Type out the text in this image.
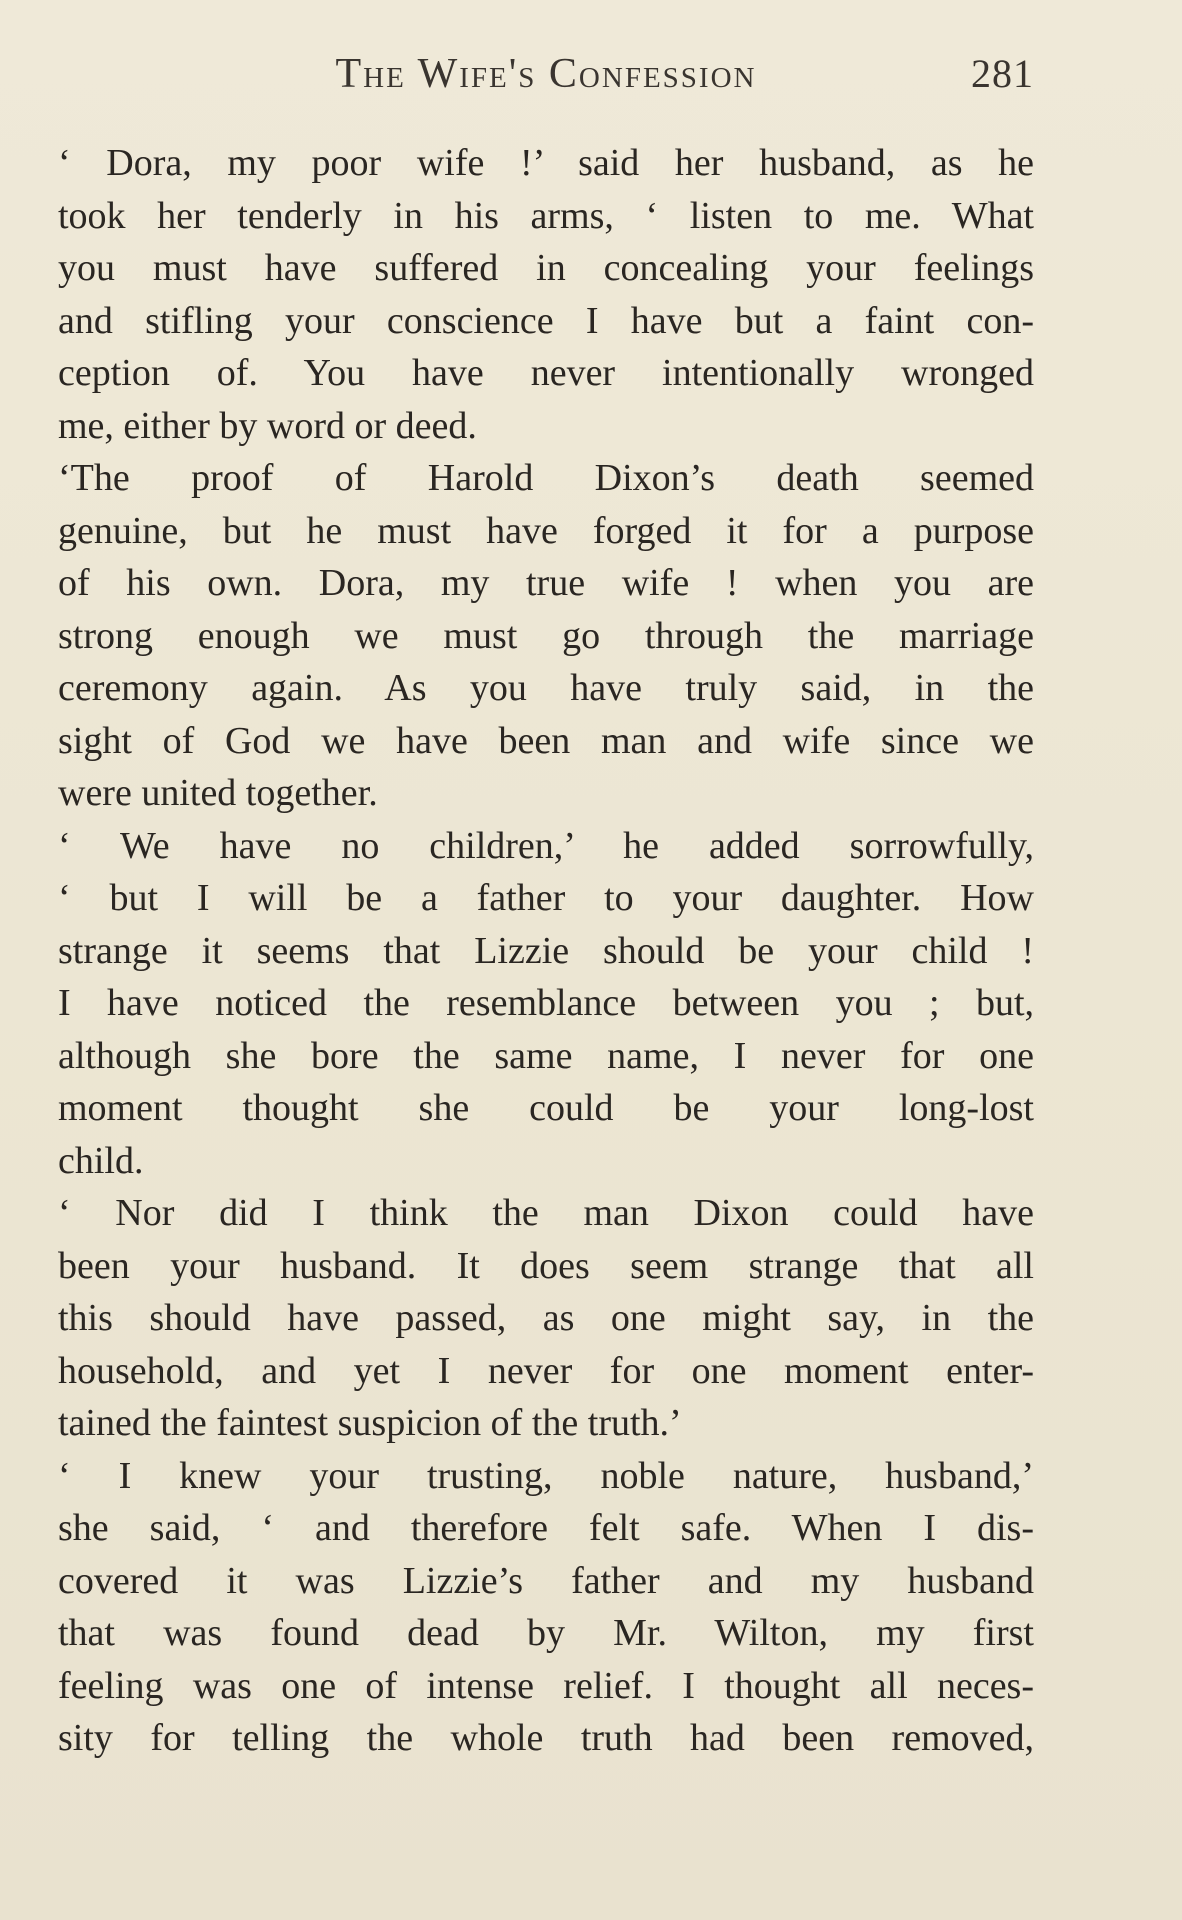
The Wife's Confession	281
‘ Dora, my poor wife !’ said her husband, as he
took her tenderly in his arms, ‘ listen to me. What
you must have suffered in concealing your feelings
and stifling your conscience I have but a faint con-
ception of. You have never intentionally wronged
me, either by word or deed.
‘The proof of Harold Dixon’s death seemed
genuine, but he must have forged it for a purpose
of his own. Dora, my true wife ! when you are
strong enough we must go through the marriage
ceremony again. As you have truly said, in the
sight of God we have been man and wife since we
were united together.
‘ We have no children,’ he added sorrowfully,
‘ but I will be a father to your daughter. How
strange it seems that Lizzie should be your child !
I have noticed the resemblance between you ; but,
although she bore the same name, I never for one
moment thought she could be your long-lost
child.
‘ Nor did I think the man Dixon could have
been your husband. It does seem strange that all
this should have passed, as one might say, in the
household, and yet I never for one moment enter-
tained the faintest suspicion of the truth.’
‘ I knew your trusting, noble nature, husband,’
she said, ‘ and therefore felt safe. When I dis-
covered it was Lizzie’s father and my husband
that was found dead by Mr. Wilton, my first
feeling was one of intense relief. I thought all neces-
sity for telling the whole truth had been removed,
